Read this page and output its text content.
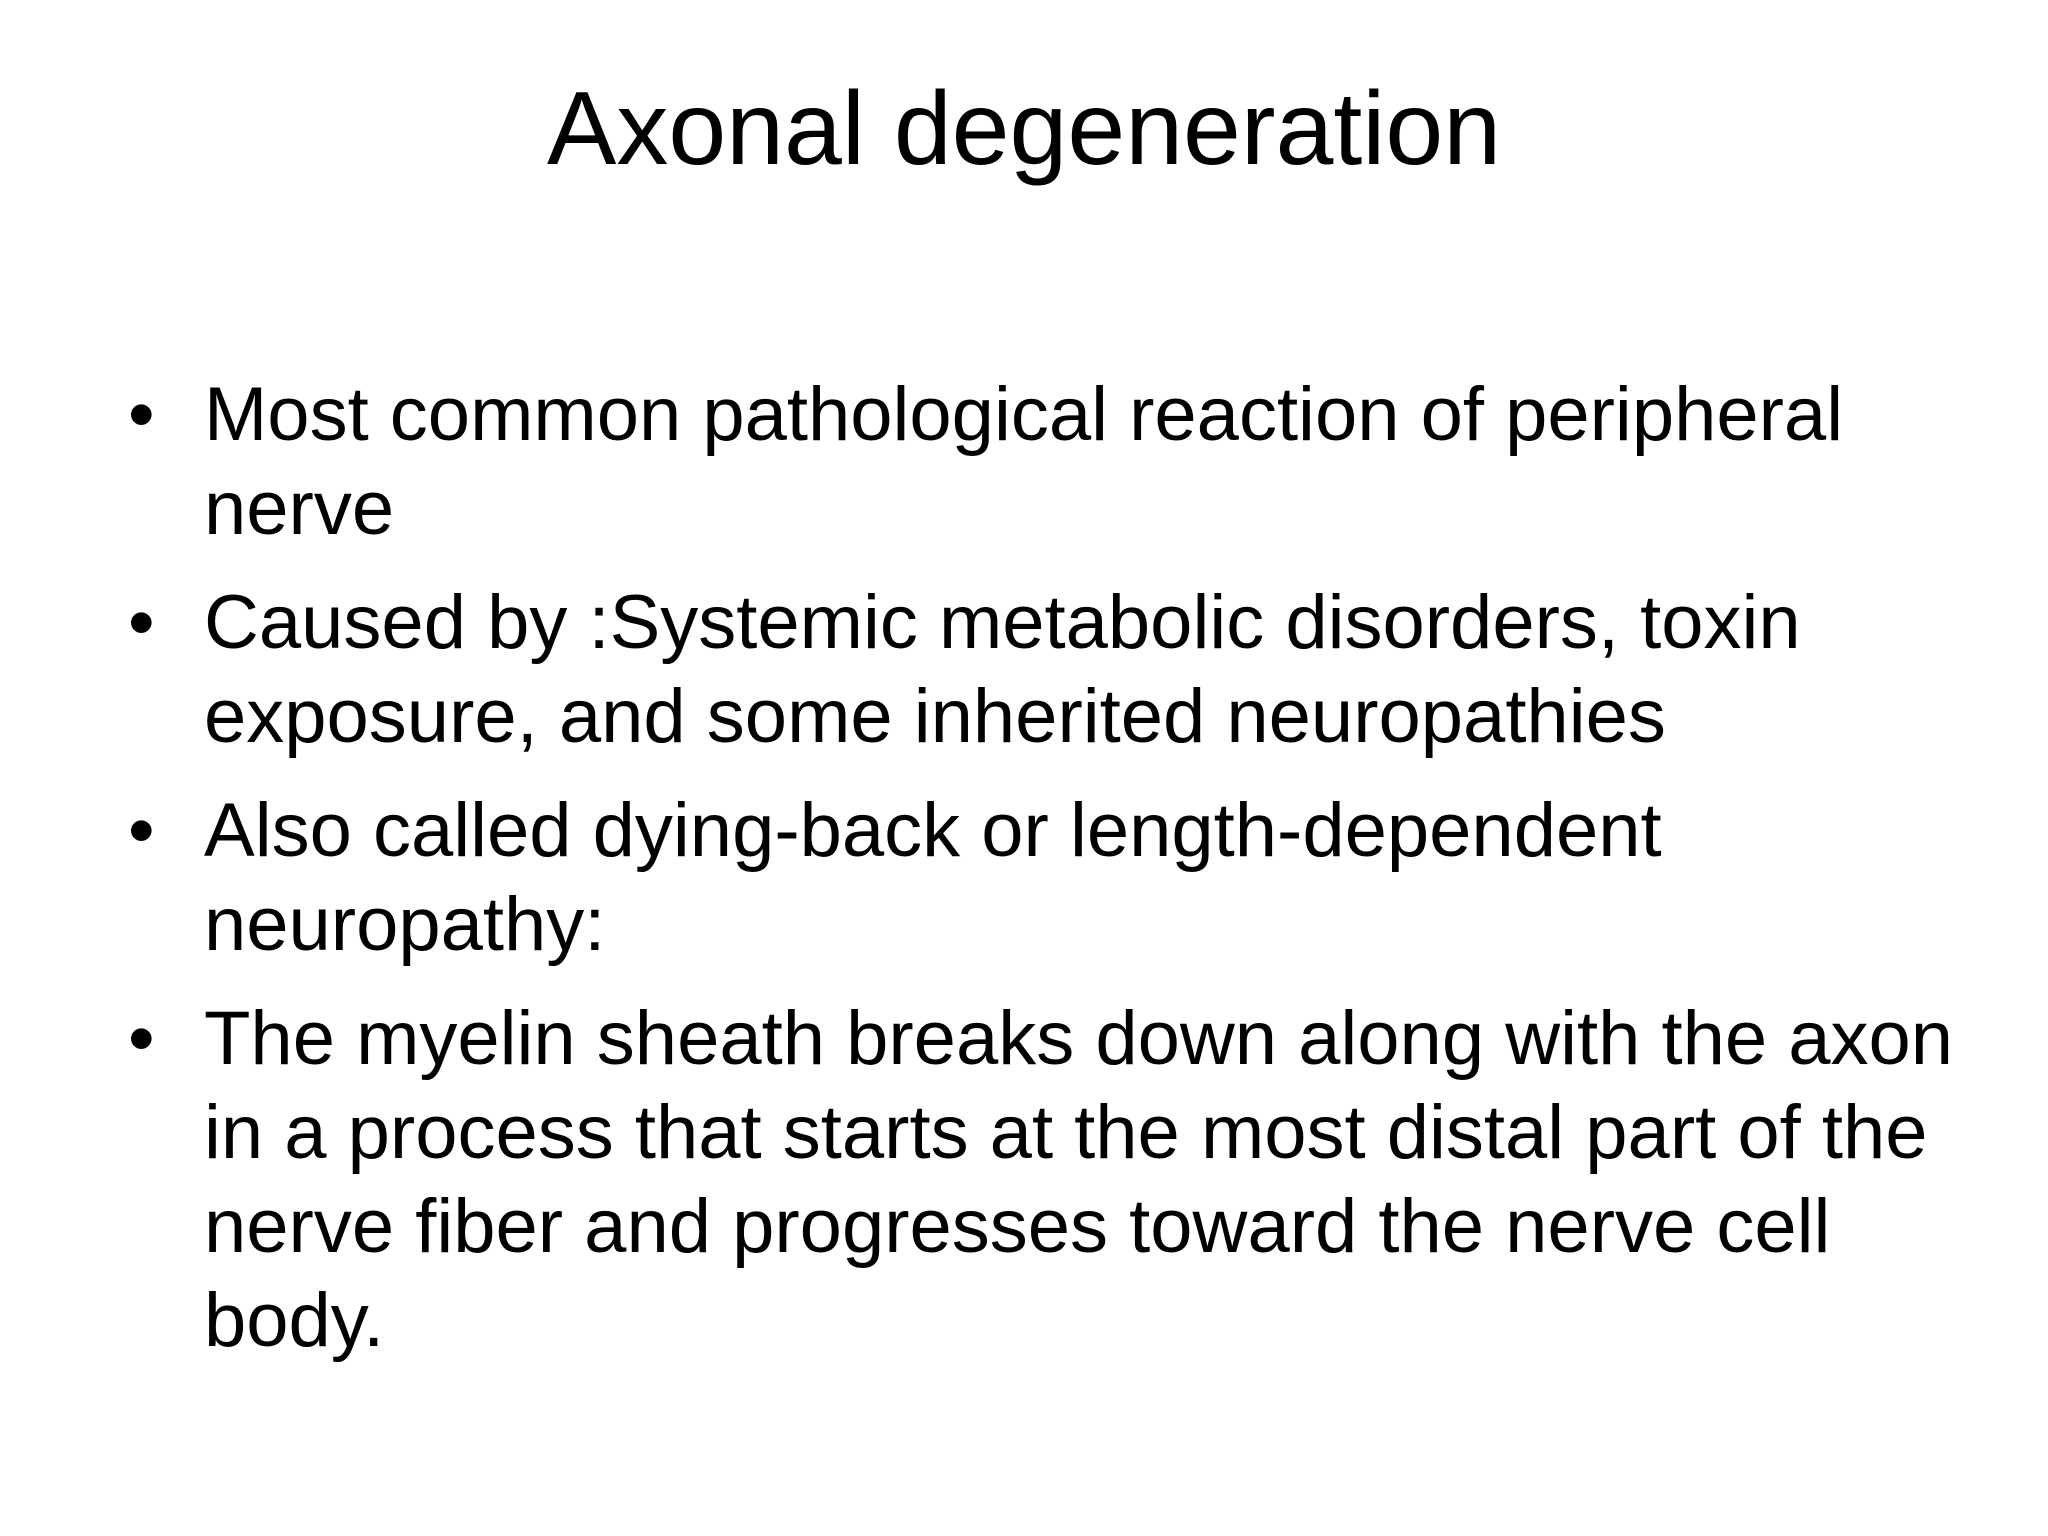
Axonal degeneration
• Most common pathological reaction of peripheral nerve
• Caused by :Systemic metabolic disorders, toxin exposure, and some inherited neuropathies
• Also called dying-back or length-dependent neuropathy:
• The myelin sheath breaks down along with the axon in a process that starts at the most distal part of the nerve fiber and progresses toward the nerve cell body.
